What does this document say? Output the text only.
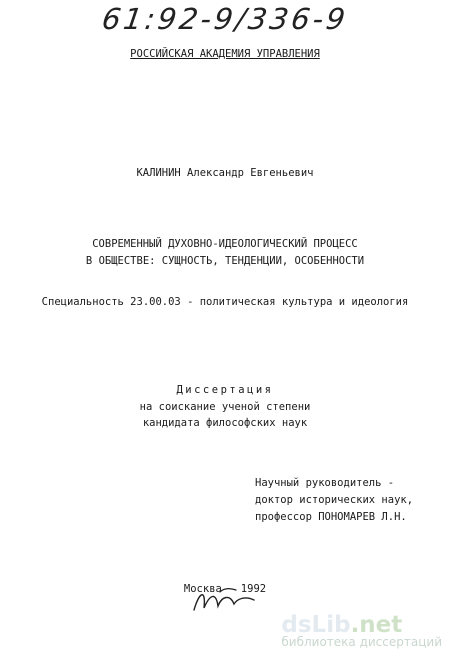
61:92-9/336-9
РОССИЙСКАЯ АКАДЕМИЯ УПРАВЛЕНИЯ
КАЛИНИН Александр Евгеньевич
СОВРЕМЕННЫЙ ДУХОВНО-ИДЕОЛОГИЧЕСКИЙ ПРОЦЕСС
В ОБЩЕСТВЕ: СУЩНОСТЬ, ТЕНДЕНЦИИ, ОСОБЕННОСТИ
Специальность 23.00.03 - политическая культура и идеология
Диссертация
на соискание ученой степени
кандидата философских наук
Научный руководитель -
доктор исторических наук,
профессор ПОНОМАРЕВ Л.Н.
Москва - 1992
dsLib.net
библиотека диссертаций
